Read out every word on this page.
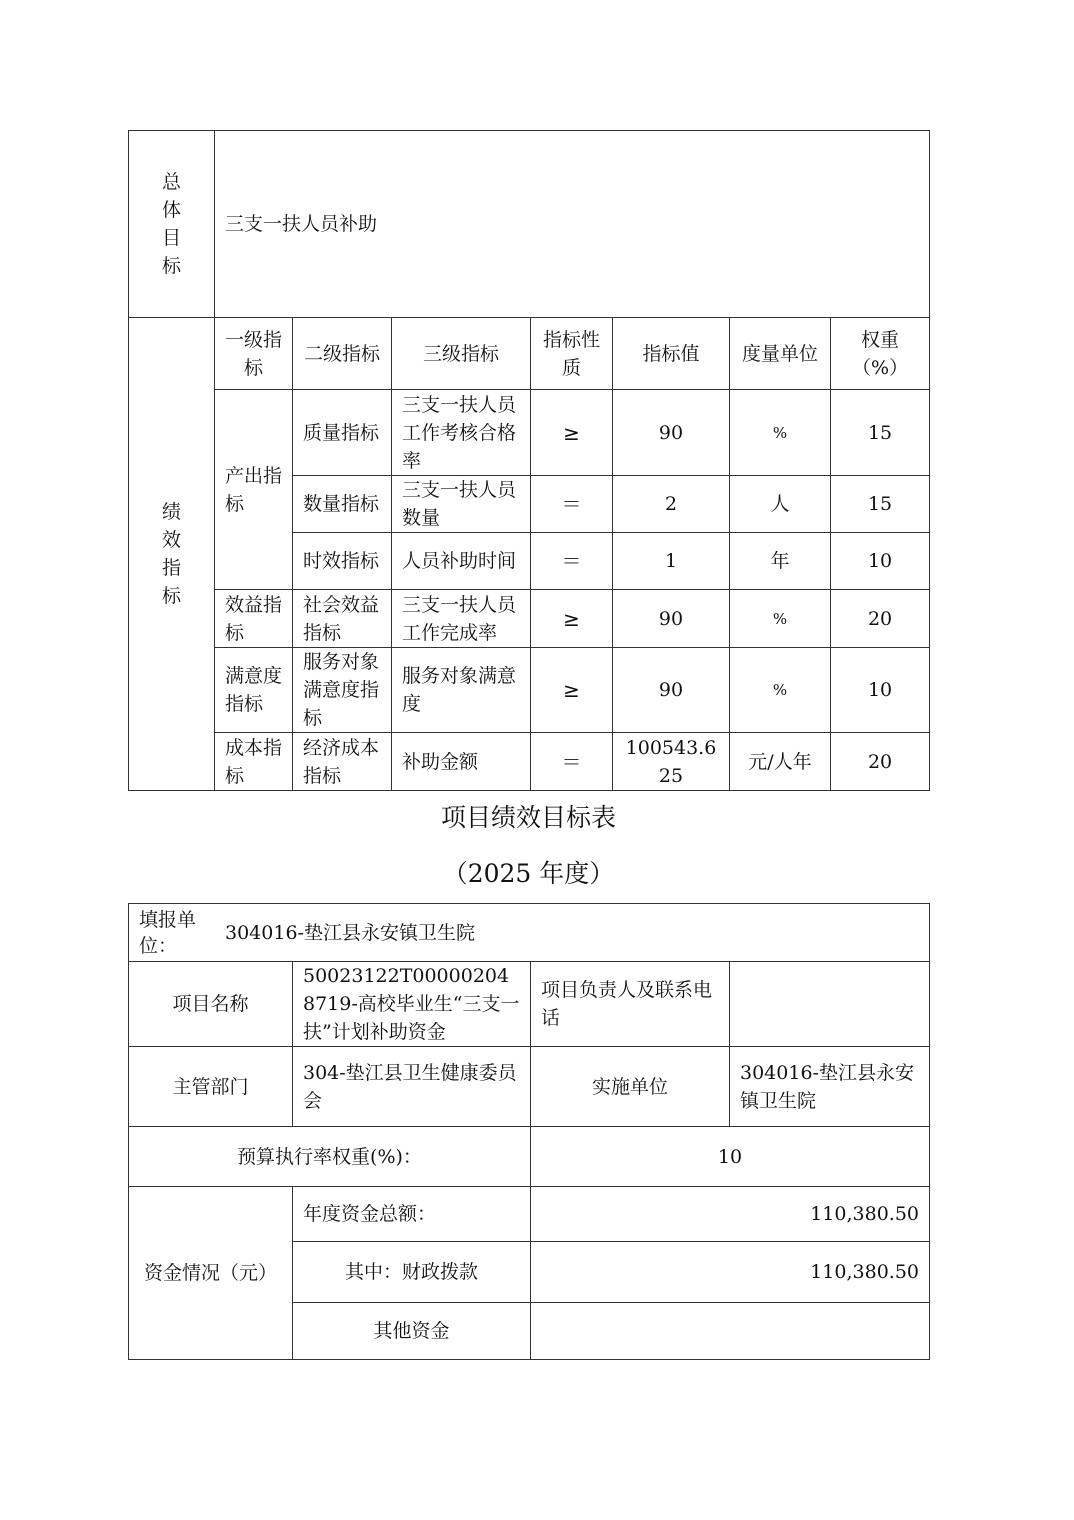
总
体
目
标	三支一扶人员补助						

绩
效
指
标	一级指标	二级指标	三级指标	指标性质	指标值	度量单位	权重（%）
	产出指标	质量指标	三支一扶人员工作考核合格率	≥	90	%	15
		数量指标	三支一扶人员数量	＝	2	人	15
		时效指标	人员补助时间	＝	1	年	10
	效益指标	社会效益指标	三支一扶人员工作完成率	≥	90	%	20
	满意度指标	服务对象满意度指标	服务对象满意度	≥	90	%	10
	成本指标	经济成本指标	补助金额	＝	100543.625	元/人年	20
项目绩效目标表
（2025 年度）
填报单位：
304016-垫江县永安镇卫生院			

项目名称	50023122T000002048719-高校毕业生“三支一扶”计划补助资金	项目负责人及联系电话	
主管部门	304-垫江县卫生健康委员会	实施单位	304016-垫江县永安镇卫生院
预算执行率权重(%)：		10	
资金情况（元）	年度资金总额：	110,380.50	
	其中：财政拨款	110,380.50	
	其他资金		
